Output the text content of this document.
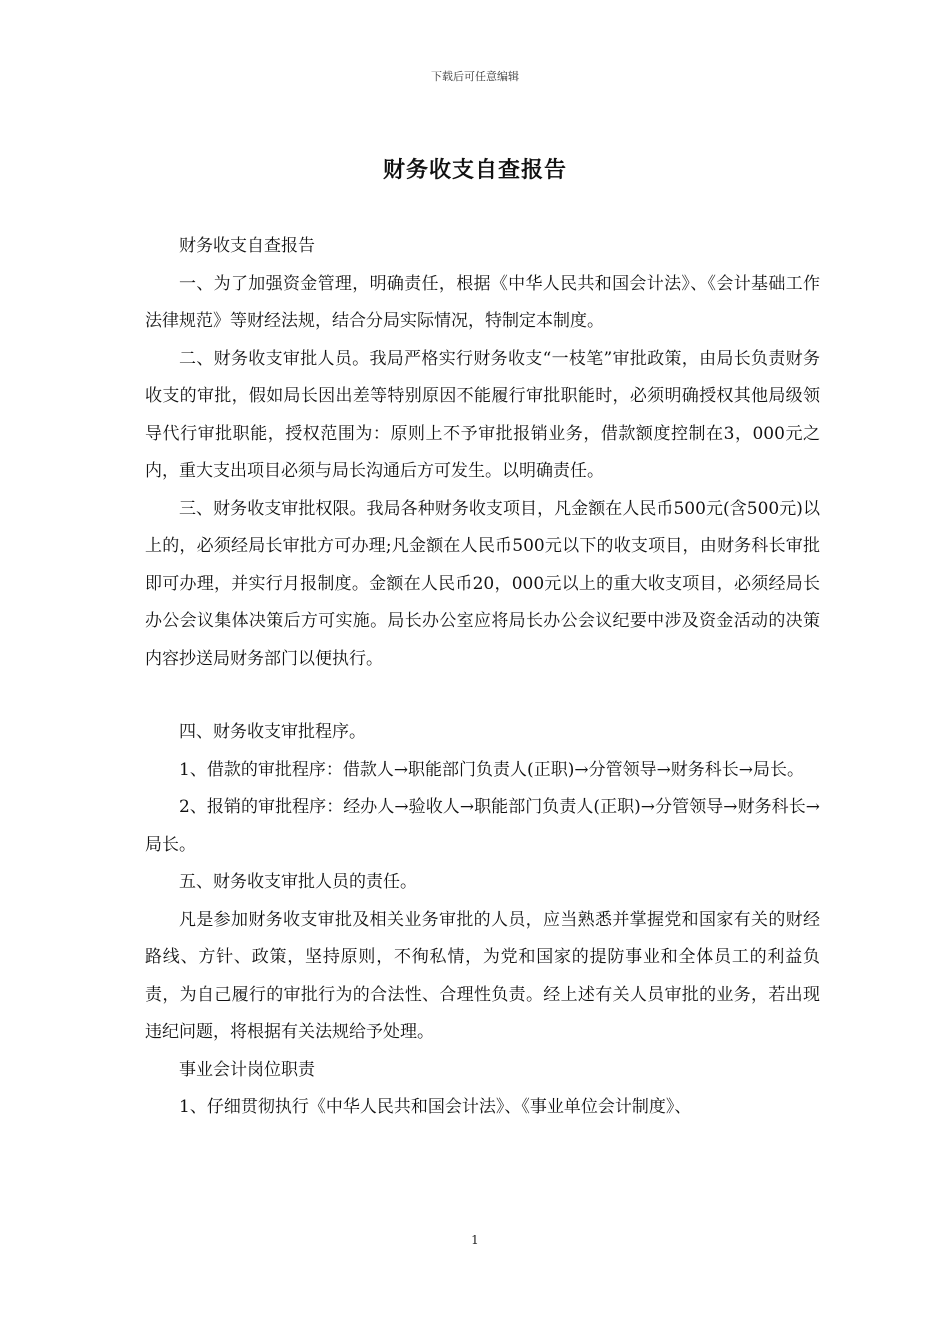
下载后可任意编辑
财务收支自查报告

财务收支自查报告

一、为了加强资金管理，明确责任，根据《中华人民共和国会计法》、《会计基础工作法律规范》等财经法规，结合分局实际情况，特制定本制度。

二、财务收支审批人员。我局严格实行财务收支“一枝笔”审批政策，由局长负责财务收支的审批，假如局长因出差等特别原因不能履行审批职能时，必须明确授权其他局级领导代行审批职能，授权范围为：原则上不予审批报销业务，借款额度控制在3，000元之内，重大支出项目必须与局长沟通后方可发生。以明确责任。

三、财务收支审批权限。我局各种财务收支项目，凡金额在人民币500元(含500元)以上的，必须经局长审批方可办理;凡金额在人民币500元以下的收支项目，由财务科长审批即可办理，并实行月报制度。金额在人民币20，000元以上的重大收支项目，必须经局长办公会议集体决策后方可实施。局长办公室应将局长办公会议纪要中涉及资金活动的决策内容抄送局财务部门以便执行。

四、财务收支审批程序。

1、借款的审批程序：借款人→职能部门负责人(正职)→分管领导→财务科长→局长。

2、报销的审批程序：经办人→验收人→职能部门负责人(正职)→分管领导→财务科长→局长。

五、财务收支审批人员的责任。

凡是参加财务收支审批及相关业务审批的人员，应当熟悉并掌握党和国家有关的财经路线、方针、政策，坚持原则，不徇私情，为党和国家的提防事业和全体员工的利益负责，为自己履行的审批行为的合法性、合理性负责。经上述有关人员审批的业务，若出现违纪问题，将根据有关法规给予处理。

事业会计岗位职责

1、仔细贯彻执行《中华人民共和国会计法》、《事业单位会计制度》、

1
